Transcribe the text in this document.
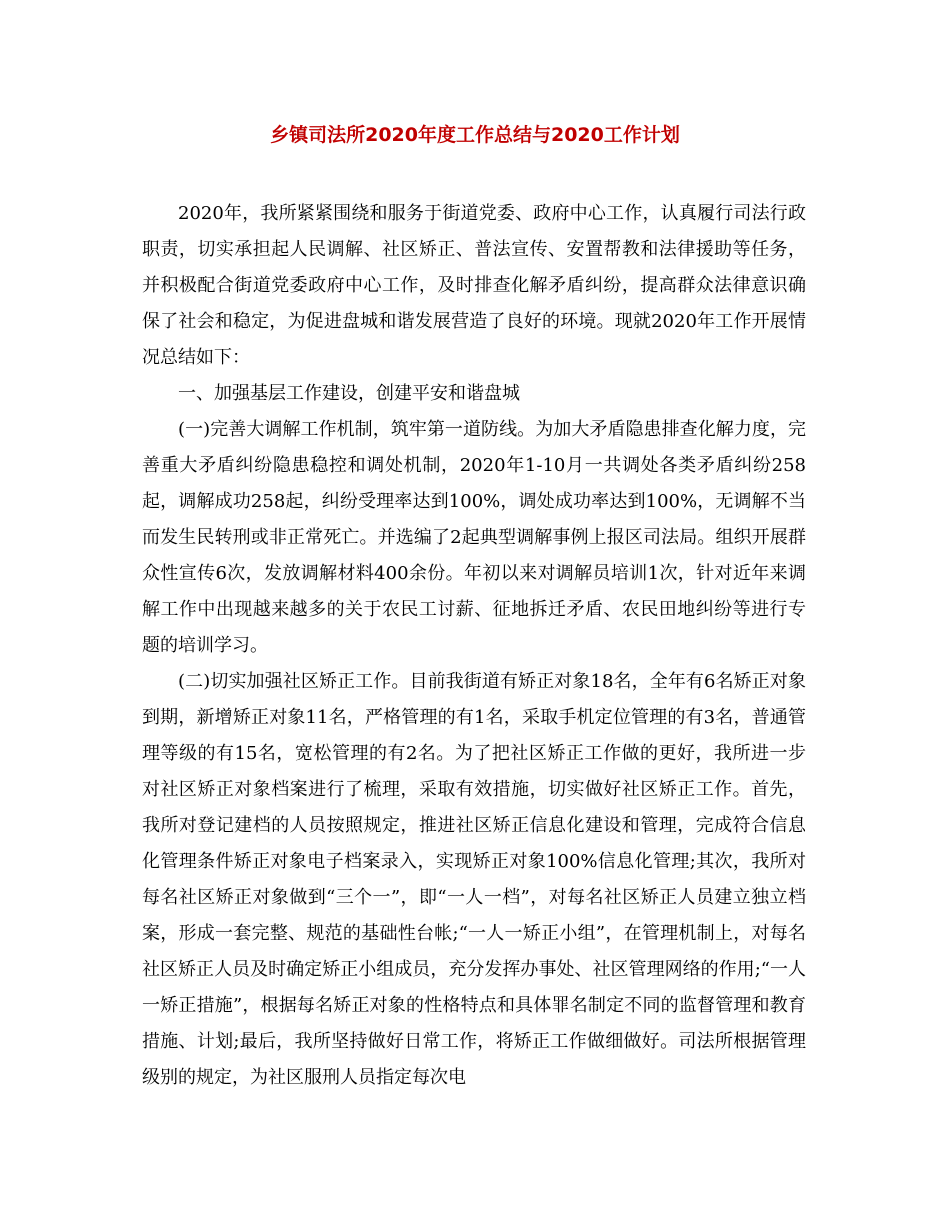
乡镇司法所2020年度工作总结与2020工作计划

2020年，我所紧紧围绕和服务于街道党委、政府中心工作，认真履行司法行政职责，切实承担起人民调解、社区矫正、普法宣传、安置帮教和法律援助等任务，并积极配合街道党委政府中心工作，及时排查化解矛盾纠纷，提高群众法律意识确保了社会和稳定，为促进盘城和谐发展营造了良好的环境。现就2020年工作开展情况总结如下：

一、加强基层工作建设，创建平安和谐盘城

(一)完善大调解工作机制，筑牢第一道防线。为加大矛盾隐患排查化解力度，完善重大矛盾纠纷隐患稳控和调处机制，2020年1-10月一共调处各类矛盾纠纷258起，调解成功258起，纠纷受理率达到100%，调处成功率达到100%，无调解不当而发生民转刑或非正常死亡。并选编了2起典型调解事例上报区司法局。组织开展群众性宣传6次，发放调解材料400余份。年初以来对调解员培训1次，针对近年来调解工作中出现越来越多的关于农民工讨薪、征地拆迁矛盾、农民田地纠纷等进行专题的培训学习。

(二)切实加强社区矫正工作。目前我街道有矫正对象18名，全年有6名矫正对象到期，新增矫正对象11名，严格管理的有1名，采取手机定位管理的有3名，普通管理等级的有15名，宽松管理的有2名。为了把社区矫正工作做的更好，我所进一步对社区矫正对象档案进行了梳理，采取有效措施，切实做好社区矫正工作。首先，我所对登记建档的人员按照规定，推进社区矫正信息化建设和管理，完成符合信息化管理条件矫正对象电子档案录入，实现矫正对象100%信息化管理;其次，我所对每名社区矫正对象做到“三个一”，即“一人一档”，对每名社区矫正人员建立独立档案，形成一套完整、规范的基础性台帐;“一人一矫正小组”，在管理机制上，对每名社区矫正人员及时确定矫正小组成员，充分发挥办事处、社区管理网络的作用;“一人一矫正措施”，根据每名矫正对象的性格特点和具体罪名制定不同的监督管理和教育措施、计划;最后，我所坚持做好日常工作，将矫正工作做细做好。司法所根据管理级别的规定，为社区服刑人员指定每次电
